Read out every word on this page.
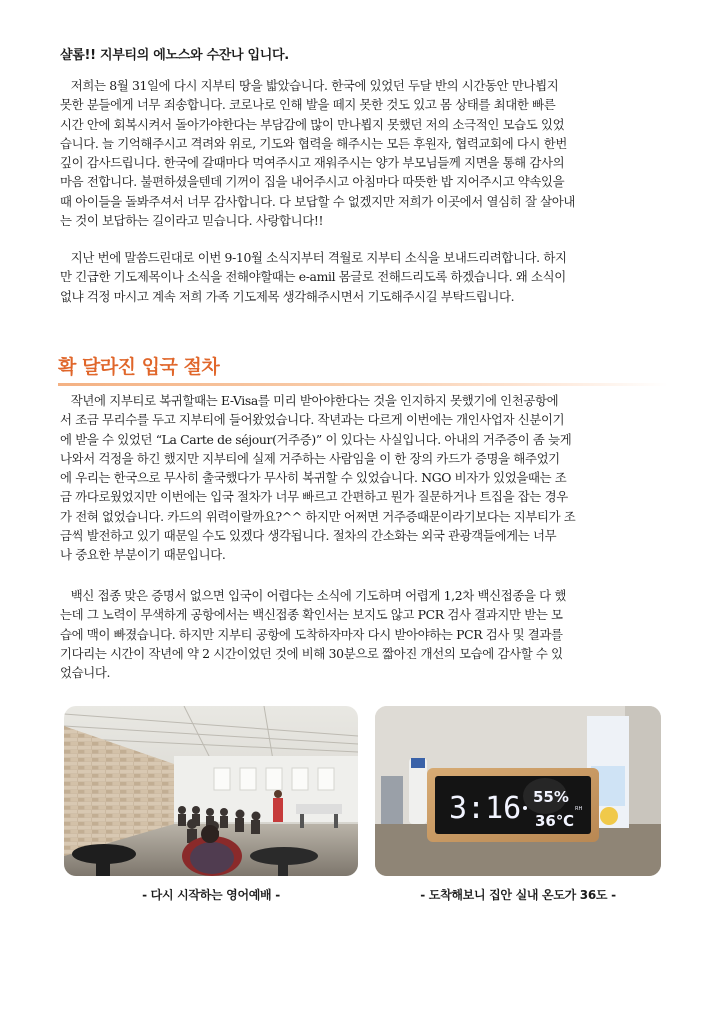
샬롬!! 지부티의 에노스와 수잔나 입니다.
저희는 8월 31일에 다시 지부티 땅을 밟았습니다. 한국에 있었던 두달 반의 시간동안 만나뵙지
못한 분들에게 너무 죄송합니다. 코로나로 인해 발을 떼지 못한 것도 있고 몸 상태를 최대한 빠른
시간 안에 회복시켜서 돌아가야한다는 부담감에 많이 만나뵙지 못했던 저의 소극적인 모습도 있었
습니다. 늘 기억해주시고 격려와 위로, 기도와 협력을 해주시는 모든 후원자, 협력교회에 다시 한번
깊이 감사드립니다. 한국에 갈때마다 먹여주시고 재워주시는 양가 부모님들께 지면을 통해 감사의
마음 전합니다. 불편하셨을텐데 기꺼이 집을 내어주시고 아침마다 따뜻한 밥 지어주시고 약속있을
때 아이들을 돌봐주셔서 너무 감사합니다. 다 보답할 수 없겠지만 저희가 이곳에서 열심히 잘 살아내
는 것이 보답하는 길이라고 믿습니다. 사랑합니다!!
지난 번에 말씀드린대로 이번 9-10월 소식지부터 격월로 지부티 소식을 보내드리려합니다. 하지
만 긴급한 기도제목이나 소식을 전해야할때는 e-amil 몸글로 전해드리도록 하겠습니다. 왜 소식이
없냐 걱정 마시고 계속 저희 가족 기도제목 생각해주시면서 기도해주시길 부탁드립니다.
확 달라진 입국 절차
작년에 지부티로 복귀할때는 E-Visa를 미리 받아야한다는 것을 인지하지 못했기에 인천공항에
서 조금 무리수를 두고 지부티에 들어왔었습니다. 작년과는 다르게 이번에는 개인사업자 신분이기
에 받을 수 있었던 “La Carte de séjour(거주증)” 이 있다는 사실입니다. 아내의 거주증이 좀 늦게
나와서 걱정을 하긴 했지만 지부티에 실제 거주하는 사람임을 이 한 장의 카드가 증명을 해주었기
에 우리는 한국으로 무사히 출국했다가 무사히 복귀할 수 있었습니다. NGO 비자가 있었을때는 조
금 까다로웠었지만 이번에는 입국 절차가 너무 빠르고 간편하고 뭔가 질문하거나 트집을 잡는 경우
가 전혀 없었습니다. 카드의 위력이랄까요?^^ 하지만 어쩌면 거주증때문이라기보다는 지부티가 조
금씩 발전하고 있기 때문일 수도 있겠다 생각됩니다. 절차의 간소화는 외국 관광객들에게는 너무
나 중요한 부분이기 때문입니다.
백신 접종 맞은 증명서 없으면 입국이 어렵다는 소식에 기도하며 어렵게 1,2차 백신접종을 다 했
는데 그 노력이 무색하게 공항에서는 백신접종 확인서는 보지도 않고 PCR 검사 결과지만 받는 모
습에 맥이 빠졌습니다. 하지만 지부티 공항에 도착하자마자 다시 받아야하는 PCR 검사 및 결과를
기다리는 시간이 작년에 약 2 시간이었던 것에 비해 30분으로 짧아진 개선의 모습에 감사할 수 있
었습니다.
3:16 55%
RH
36℃
- 다시 시작하는 영어예배 -	- 도착해보니 집안 실내 온도가 36도 -
